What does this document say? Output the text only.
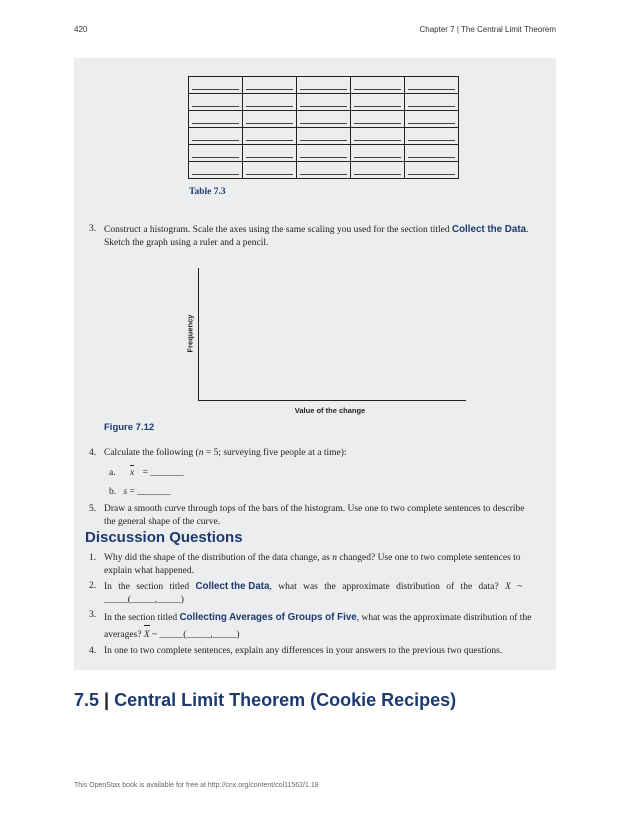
420	Chapter 7 | The Central Limit Theorem

Table 7.3
3. Construct a histogram. Scale the axes using the same scaling you used for the section titled Collect the Data.
Sketch the graph using a ruler and a pencil.
Frequency
Value of the change
Figure 7.12
4. Calculate the following (n = 5; surveying five people at a time):
a. x = _______
b. s = _______
5. Draw a smooth curve through tops of the bars of the histogram. Use one to two complete sentences to describe
the general shape of the curve.
Discussion Questions
1. Why did the shape of the distribution of the data change, as n changed? Use one to two complete sentences to
explain what happened.
2. In the section titled Collect the Data, what was the approximate distribution of the data? X ~
_____(_____,_____)
3. In the section titled Collecting Averages of Groups of Five, what was the approximate distribution of the
averages? X ~ _____(_____,_____)
4. In one to two complete sentences, explain any differences in your answers to the previous two questions.
7.5 | Central Limit Theorem (Cookie Recipes)
This OpenStax book is available for free at http://cnx.org/content/col11562/1.18
